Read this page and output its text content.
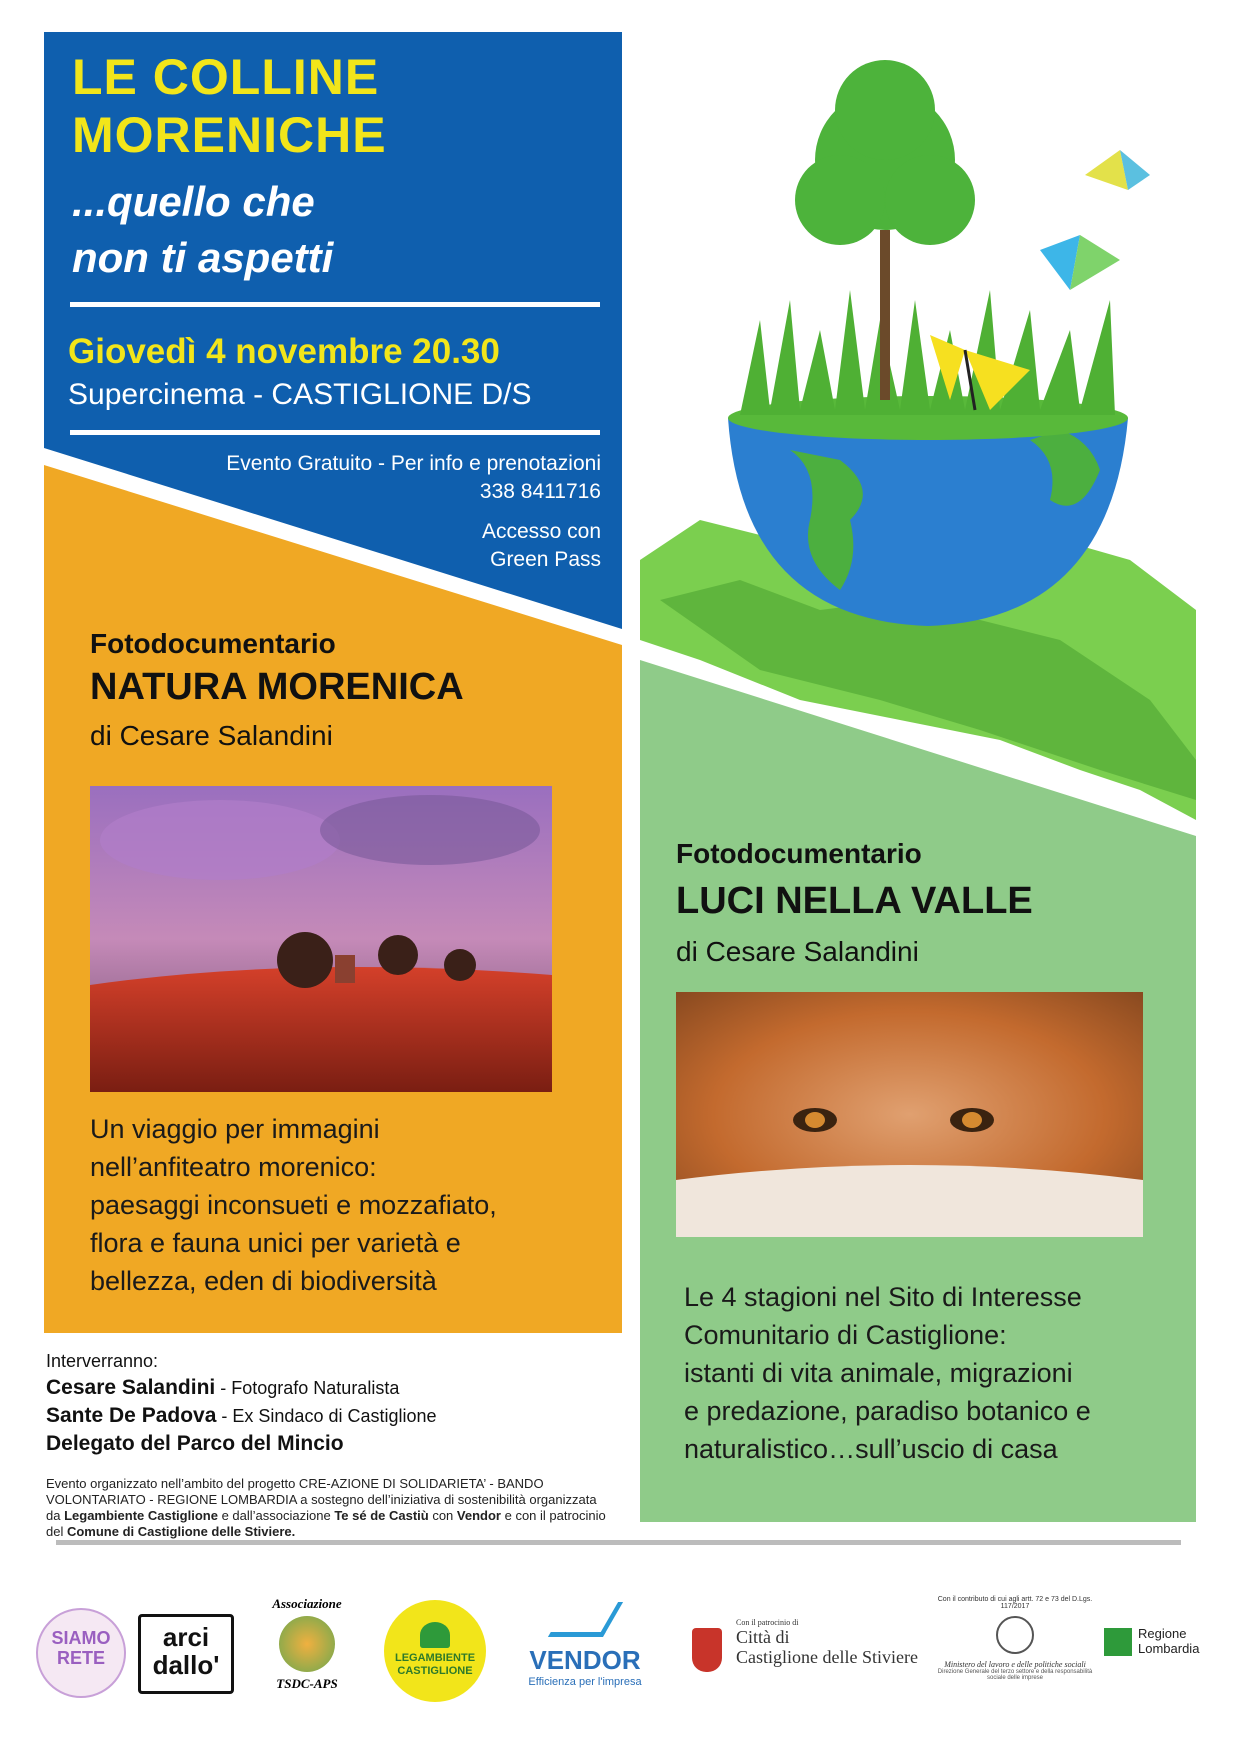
LE COLLINE
MORENICHE
...quello che
non ti aspetti
Giovedì 4 novembre 20.30
Supercinema - CASTIGLIONE D/S
Evento Gratuito - Per info e prenotazioni
338 8411716
Accesso con
Green Pass
Fotodocumentario
NATURA MORENICA
di Cesare Salandini
Un viaggio per immagini
nell’anfiteatro morenico:
paesaggi inconsueti e mozzafiato,
flora e fauna unici per varietà e
bellezza, eden di biodiversità
Fotodocumentario
LUCI NELLA VALLE
di Cesare Salandini
Le 4 stagioni nel Sito di Interesse
Comunitario di Castiglione:
istanti di vita animale, migrazioni
e predazione, paradiso botanico e
naturalistico…sull’uscio di casa
Interverranno:
Cesare Salandini - Fotografo Naturalista
Sante De Padova - Ex Sindaco di Castiglione
Delegato del Parco del Mincio
Evento organizzato nell’ambito del progetto CRE-AZIONE DI SOLIDARIETA’ - BANDO VOLONTARIATO - REGIONE LOMBARDIA a sostegno dell’iniziativa di sostenibilità organizzata da Legambiente Castiglione e dall’associazione Te sé de Castiù con Vendor e con il patrocinio del Comune di Castiglione delle Stiviere.
SIAMO
RETE
arci
dallo'
Associazione
TSDC-APS
LEGAMBIENTE
CASTIGLIONE	VENDOR
Efficienza per l'impresa
Con il patrocinio di
Città di
Castiglione delle Stiviere
Con il contributo di cui agli artt. 72 e 73 del D.Lgs. 117/2017
Ministero del lavoro e delle politiche sociali
Direzione Generale del terzo settore e della responsabilità sociale delle imprese
Regione
Lombardia
